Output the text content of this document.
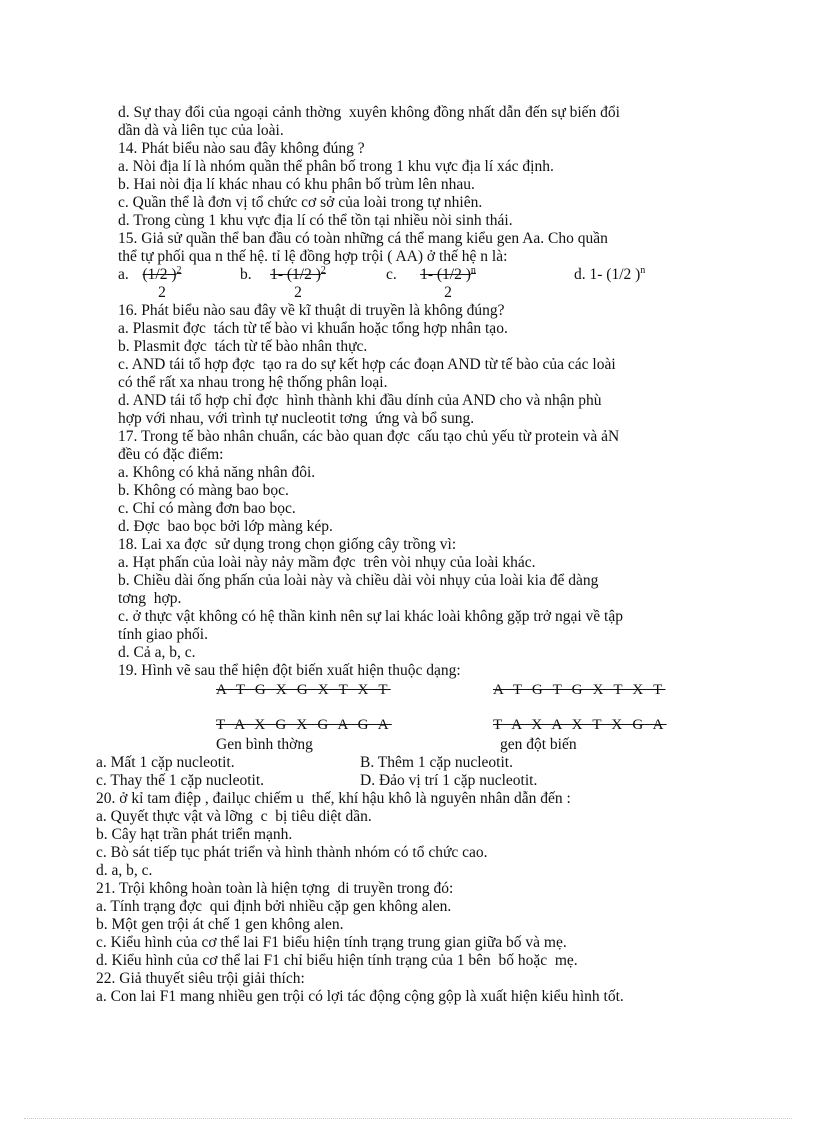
d. Sự thay đổi của ngoại cảnh thờng  xuyên không đồng nhất dẫn đến sự biến đổi
dần dà và liên tục của loài.
14. Phát biểu nào sau đây không đúng ?
a. Nòi địa lí là nhóm quần thể phân bố trong 1 khu vực địa lí xác định.
b. Hai nòi địa lí khác nhau có khu phân bố trùm lên nhau.
c. Quần thể là đơn vị tổ chức cơ sở của loài trong tự nhiên.
d. Trong cùng 1 khu vực địa lí có thể tồn tại nhiều nòi sinh thái.
15. Giả sử quần thể ban đầu có toàn những cá thể mang kiểu gen Aa. Cho quần
thể tự phối qua n thế hệ. tỉ lệ đồng hợp trội ( AA) ở thế hệ n là:
a. (1/2 )$^2$
2
b.	1- (1/2 )$^2$
2
c.	1- (1/2 )$^n$
2
d. 1- (1/2 )$^n$
16. Phát biểu nào sau đây về kĩ thuật di truyền là không đúng?
a. Plasmit đợc  tách từ tế bào vi khuẩn hoặc tổng hợp nhân tạo.
b. Plasmit đợc  tách từ tế bào nhân thực.
c. AND tái tổ hợp đợc  tạo ra do sự kết hợp các đoạn AND từ tế bào của các loài
có thể rất xa nhau trong hệ thống phân loại.
d. AND tái tổ hợp chỉ đợc  hình thành khi đầu dính của AND cho và nhận phù
hợp với nhau, với trình tự nucleotit tơng  ứng và bổ sung.
17. Trong tế bào nhân chuẩn, các bào quan đợc  cấu tạo chủ yếu từ protein và ảN
đều có đặc điểm:
a. Không có khả năng nhân đôi.
b. Không có màng bao bọc.
c. Chỉ có màng đơn bao bọc.
d. Đợc  bao bọc bởi lớp màng kép.
18. Lai xa đợc  sử dụng trong chọn giống cây trồng vì:
a. Hạt phấn của loài này nảy mầm đợc  trên vòi nhụy của loài khác.
b. Chiều dài ống phấn của loài này và chiều dài vòi nhụy của loài kia để dàng
tơng  hợp.
c. ở thực vật không có hệ thần kinh nên sự lai khác loài không gặp trở ngại về tập
tính giao phối.
d. Cả a, b, c.
19. Hình vẽ sau thể hiện đột biến xuất hiện thuộc dạng:
A T G X G X T X T	A T G T G X T X T
T A X G X G A G A	T A X A X T X G A
Gen bình thờng	gen đột biến
a. Mất 1 cặp nucleotit.	B. Thêm 1 cặp nucleotit.
c. Thay thế 1 cặp nucleotit.	D. Đảo vị trí 1 cặp nucleotit.
20. ở kỉ tam điệp , đailục chiếm u  thế, khí hậu khô là nguyên nhân dẫn đến :
a. Quyết thực vật và lỡng  c  bị tiêu diệt dần.
b. Cây hạt trần phát triển mạnh.
c. Bò sát tiếp tục phát triển và hình thành nhóm có tổ chức cao.
d. a, b, c.
21. Trội không hoàn toàn là hiện tợng  di truyền trong đó:
a. Tính trạng đợc  qui định bởi nhiều cặp gen không alen.
b. Một gen trội át chế 1 gen không alen.
c. Kiểu hình của cơ thể lai F1 biểu hiện tính trạng trung gian giữa bố và mẹ.
d. Kiểu hình của cơ thể lai F1 chỉ biểu hiện tính trạng của 1 bên  bố hoặc  mẹ.
22. Giả thuyết siêu trội giải thích:
a. Con lai F1 mang nhiều gen trội có lợi tác động cộng gộp là xuất hiện kiểu hình tốt.
